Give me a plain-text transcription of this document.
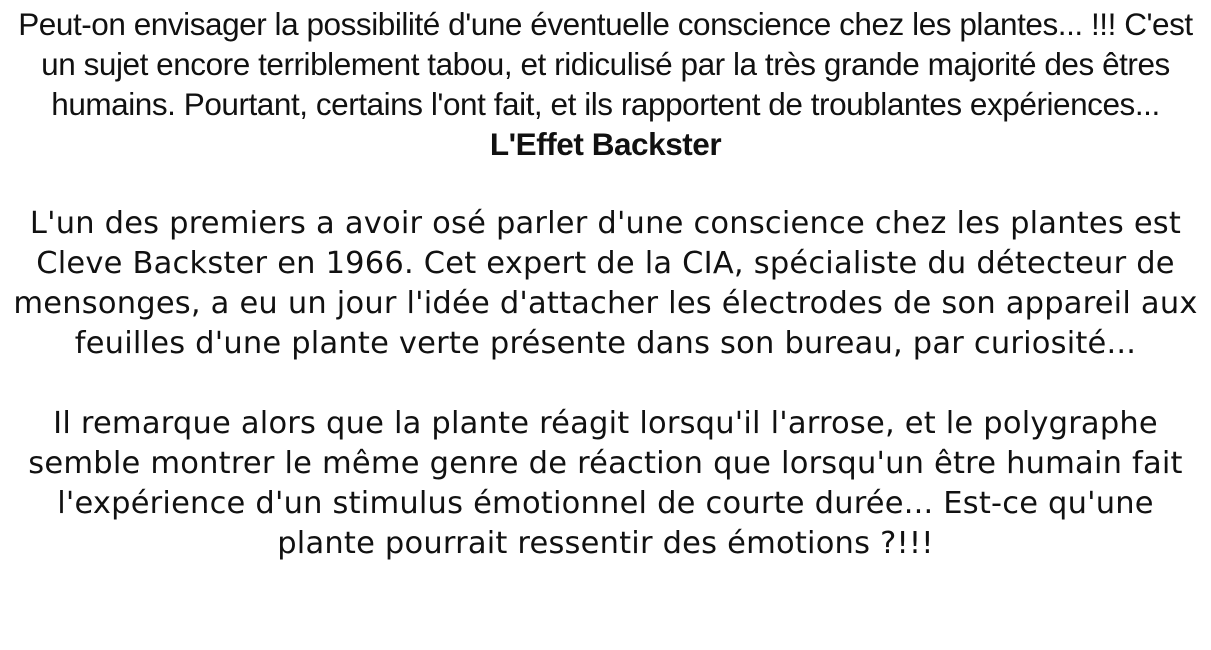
Peut-on envisager la possibilité d'une éventuelle conscience chez les plantes... !!! C'est un sujet encore terriblement tabou, et ridiculisé par la très grande majorité des êtres humains. Pourtant, certains l'ont fait, et ils rapportent de troublantes expériences... L'Effet Backster

L'un des premiers a avoir osé parler d'une conscience chez les plantes est Cleve Backster en 1966. Cet expert de la CIA, spécialiste du détecteur de mensonges, a eu un jour l'idée d'attacher les électrodes de son appareil aux feuilles d'une plante verte présente dans son bureau, par curiosité...

Il remarque alors que la plante réagit lorsqu'il l'arrose, et le polygraphe semble montrer le même genre de réaction que lorsqu'un être humain fait l'expérience d'un stimulus émotionnel de courte durée... Est-ce qu'une plante pourrait ressentir des émotions ?!!!
